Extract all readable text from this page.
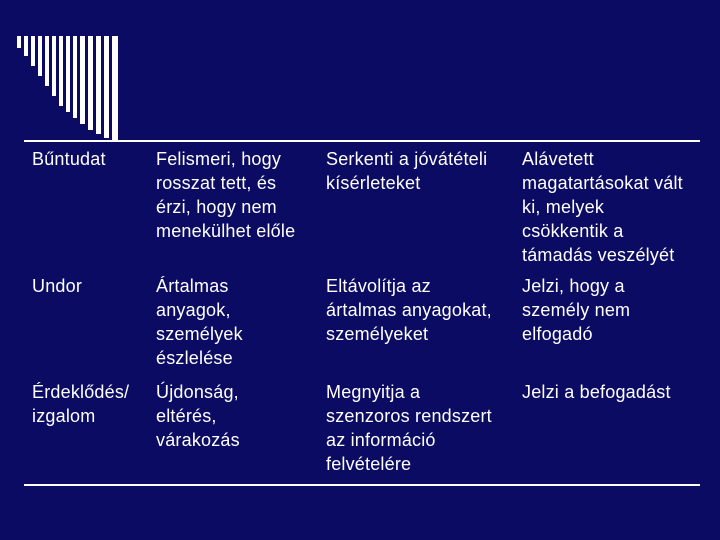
Bűntudat	Felismeri, hogy
rosszat tett, és
érzi, hogy nem
menekülhet előle
Serkenti a jóvátételi
kísérleteket
Alávetett
magatartásokat vált
ki, melyek
csökkentik a
támadás veszélyét
Undor	Ártalmas
anyagok,
személyek
észlelése
Eltávolítja az
ártalmas anyagokat,
személyeket
Jelzi, hogy a
személy nem
elfogadó
Érdeklődés/
izgalom
Újdonság,
eltérés,
várakozás
Megnyitja a
szenzoros rendszert
az információ
felvételére
Jelzi a befogadást
